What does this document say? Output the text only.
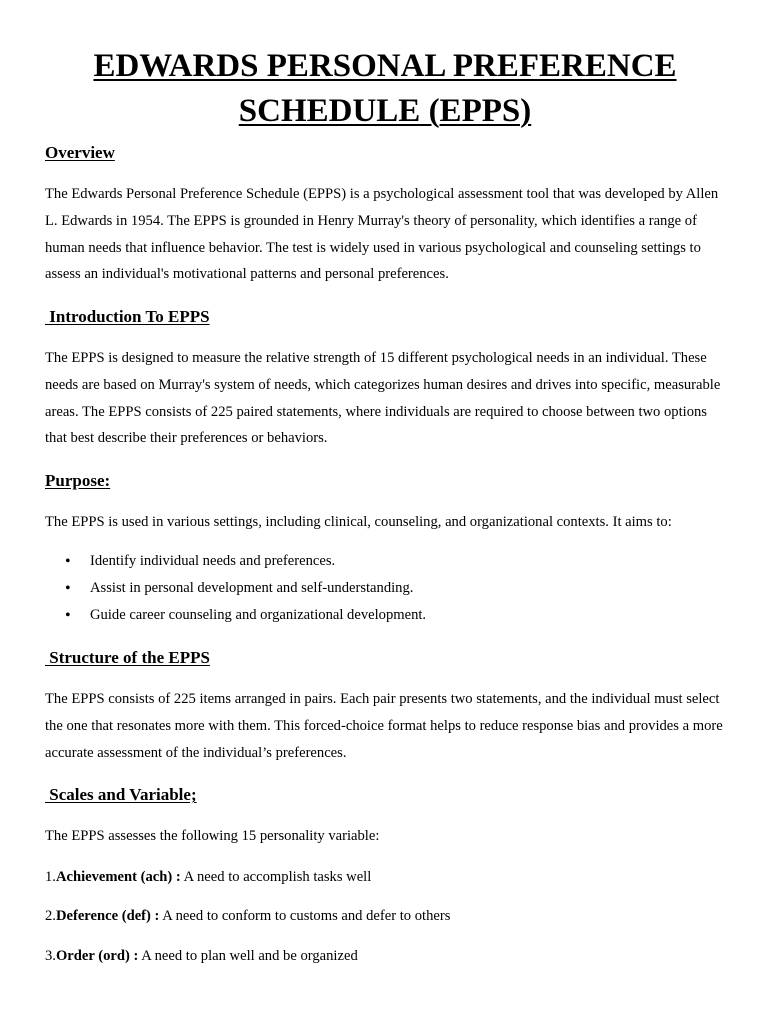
EDWARDS PERSONAL PREFERENCE SCHEDULE (EPPS)
Overview

The Edwards Personal Preference Schedule (EPPS) is a psychological assessment tool that was developed by Allen L. Edwards in 1954. The EPPS is grounded in Henry Murray's theory of personality, which identifies a range of human needs that influence behavior. The test is widely used in various psychological and counseling settings to assess an individual's motivational patterns and personal preferences.

Introduction To EPPS

The EPPS is designed to measure the relative strength of 15 different psychological needs in an individual. These needs are based on Murray's system of needs, which categorizes human desires and drives into specific, measurable areas. The EPPS consists of 225 paired statements, where individuals are required to choose between two options that best describe their preferences or behaviors.

Purpose:

The EPPS is used in various settings, including clinical, counseling, and organizational contexts. It aims to:

• Identify individual needs and preferences.
• Assist in personal development and self-understanding.
• Guide career counseling and organizational development.
Structure of the EPPS

The EPPS consists of 225 items arranged in pairs. Each pair presents two statements, and the individual must select the one that resonates more with them. This forced-choice format helps to reduce response bias and provides a more accurate assessment of the individual’s preferences.

Scales and Variable;

The EPPS assesses the following 15 personality variable:

1.Achievement (ach) : A need to accomplish tasks well
2.Deference (def) : A need to conform to customs and defer to others
3.Order (ord) : A need to plan well and be organized
